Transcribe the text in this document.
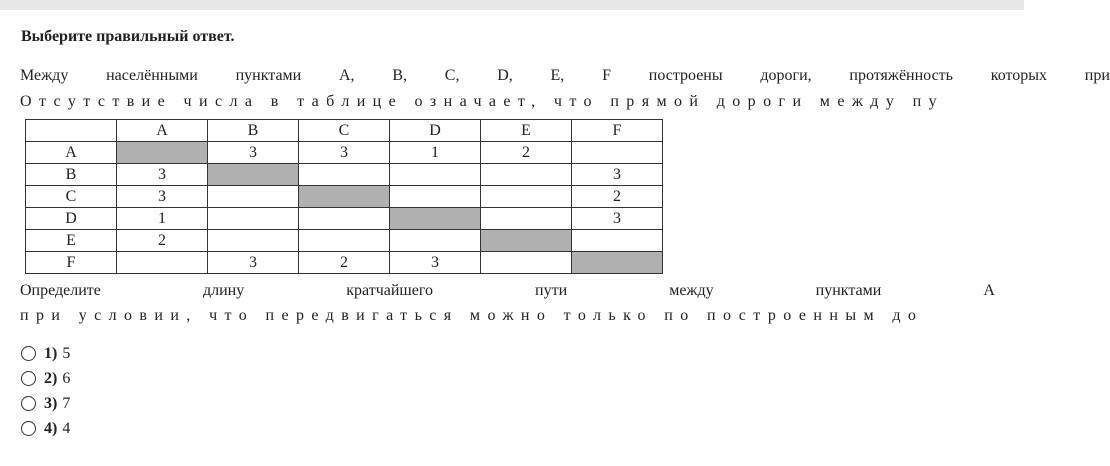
Выберите правильный ответ.
Между населёнными пунктами A, B, C, D, E, F построены дороги, протяжённость которых при
Отсутствие числа в таблице означает, что прямой дороги между пу
	A	B	C	D	E	F
A		3	3	1	2	
B	3					3
C	3					2
D	1					3
E	2					
F		3	2	3		
Определите	длину	кратчайшего	пути	между	пунктами	A
при условии, что передвигаться можно только по построенным до
1) 5
2) 6
3) 7
4) 4
